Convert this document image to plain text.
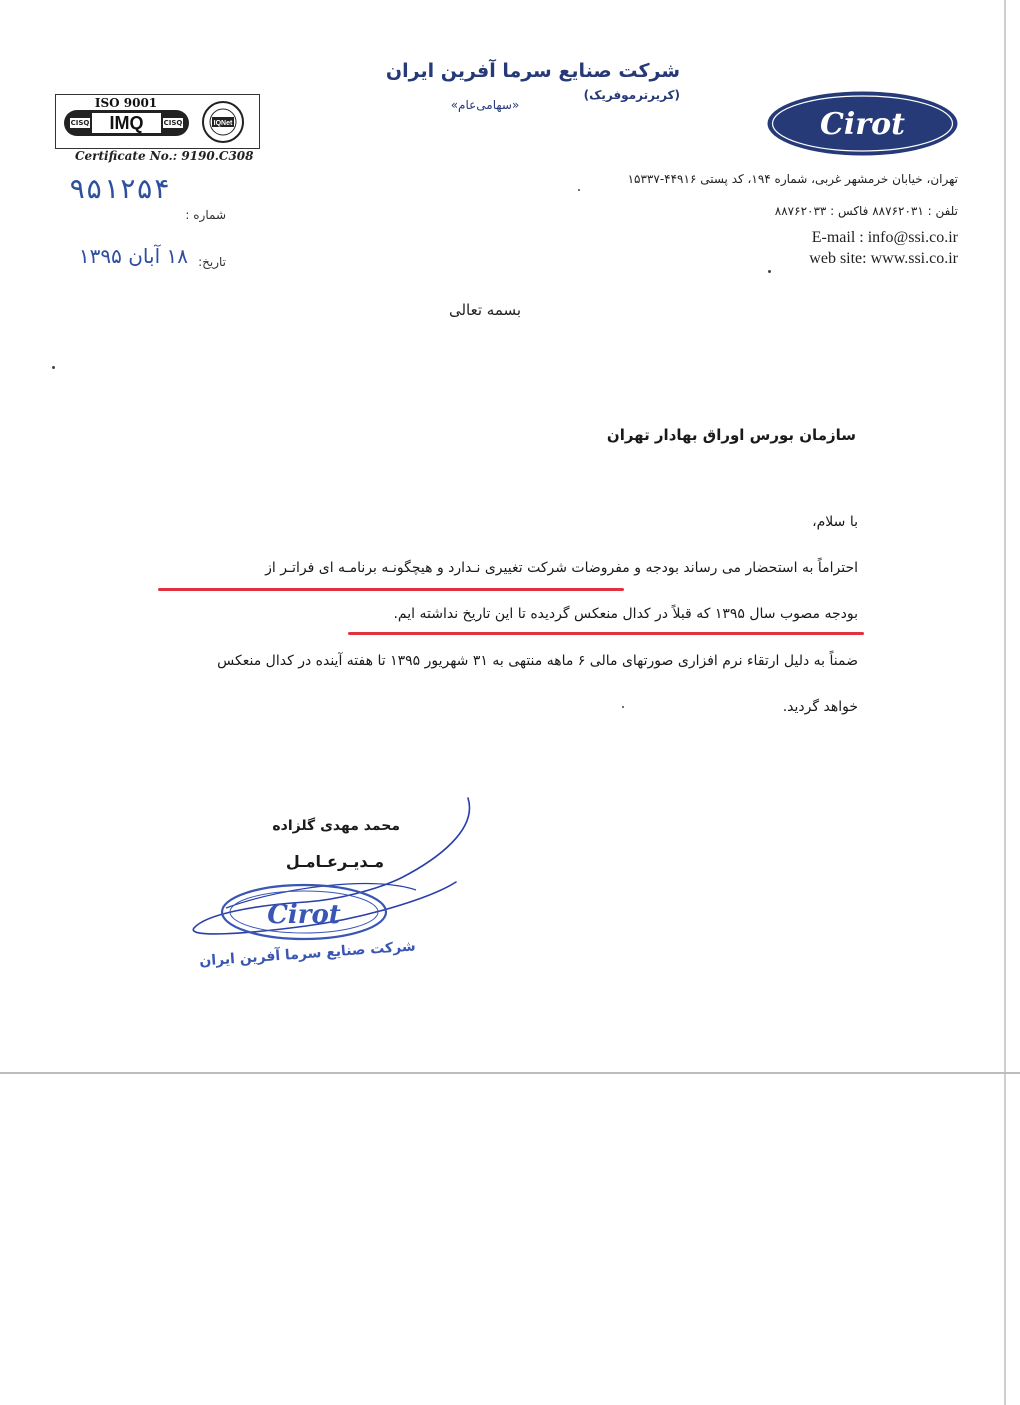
شرکت صنایع سرما آفرین ایران (کریرترموفریک)
«سهامی‌عام»
Cirot
ISO 9001
CISQ	IMQ	CISQ	IQNet
Certificate No.: 9190.C308
تهران، خیابان خرمشهر غربی، شماره ۱۹۴، کد پستی ۴۴۹۱۶-۱۵۳۳۷
تلفن : ۸۸۷۶۲۰۳۱ فاکس : ۸۸۷۶۲۰۳۳
E-mail : info@ssi.co.ir
web site: www.ssi.co.ir
۹۵۱۲۵۴
شماره :
۱۸ آبان ۱۳۹۵ تاریخ:
بسمه تعالی
سازمان بورس اوراق بهادار تهران
با سلام،
احتراماً به استحضار می رساند بودجه و مفروضات شرکت تغییری نـدارد و هیچگونـه برنامـه ای فراتـر از
بودجه مصوب سال ۱۳۹۵ که قبلاً در کدال منعکس گردیده تا این تاریخ نداشته ایم.
ضمناً به دلیل ارتقاء نرم افزاری صورتهای مالی ۶ ماهه منتهی به ۳۱ شهریور ۱۳۹۵ تا هفته آینده در کدال منعکس
خواهد گردید.
محمد مهدی گلزاده
مـدیـرعـامـل
Cirot
شرکت صنایع سرما آفرین ایران
